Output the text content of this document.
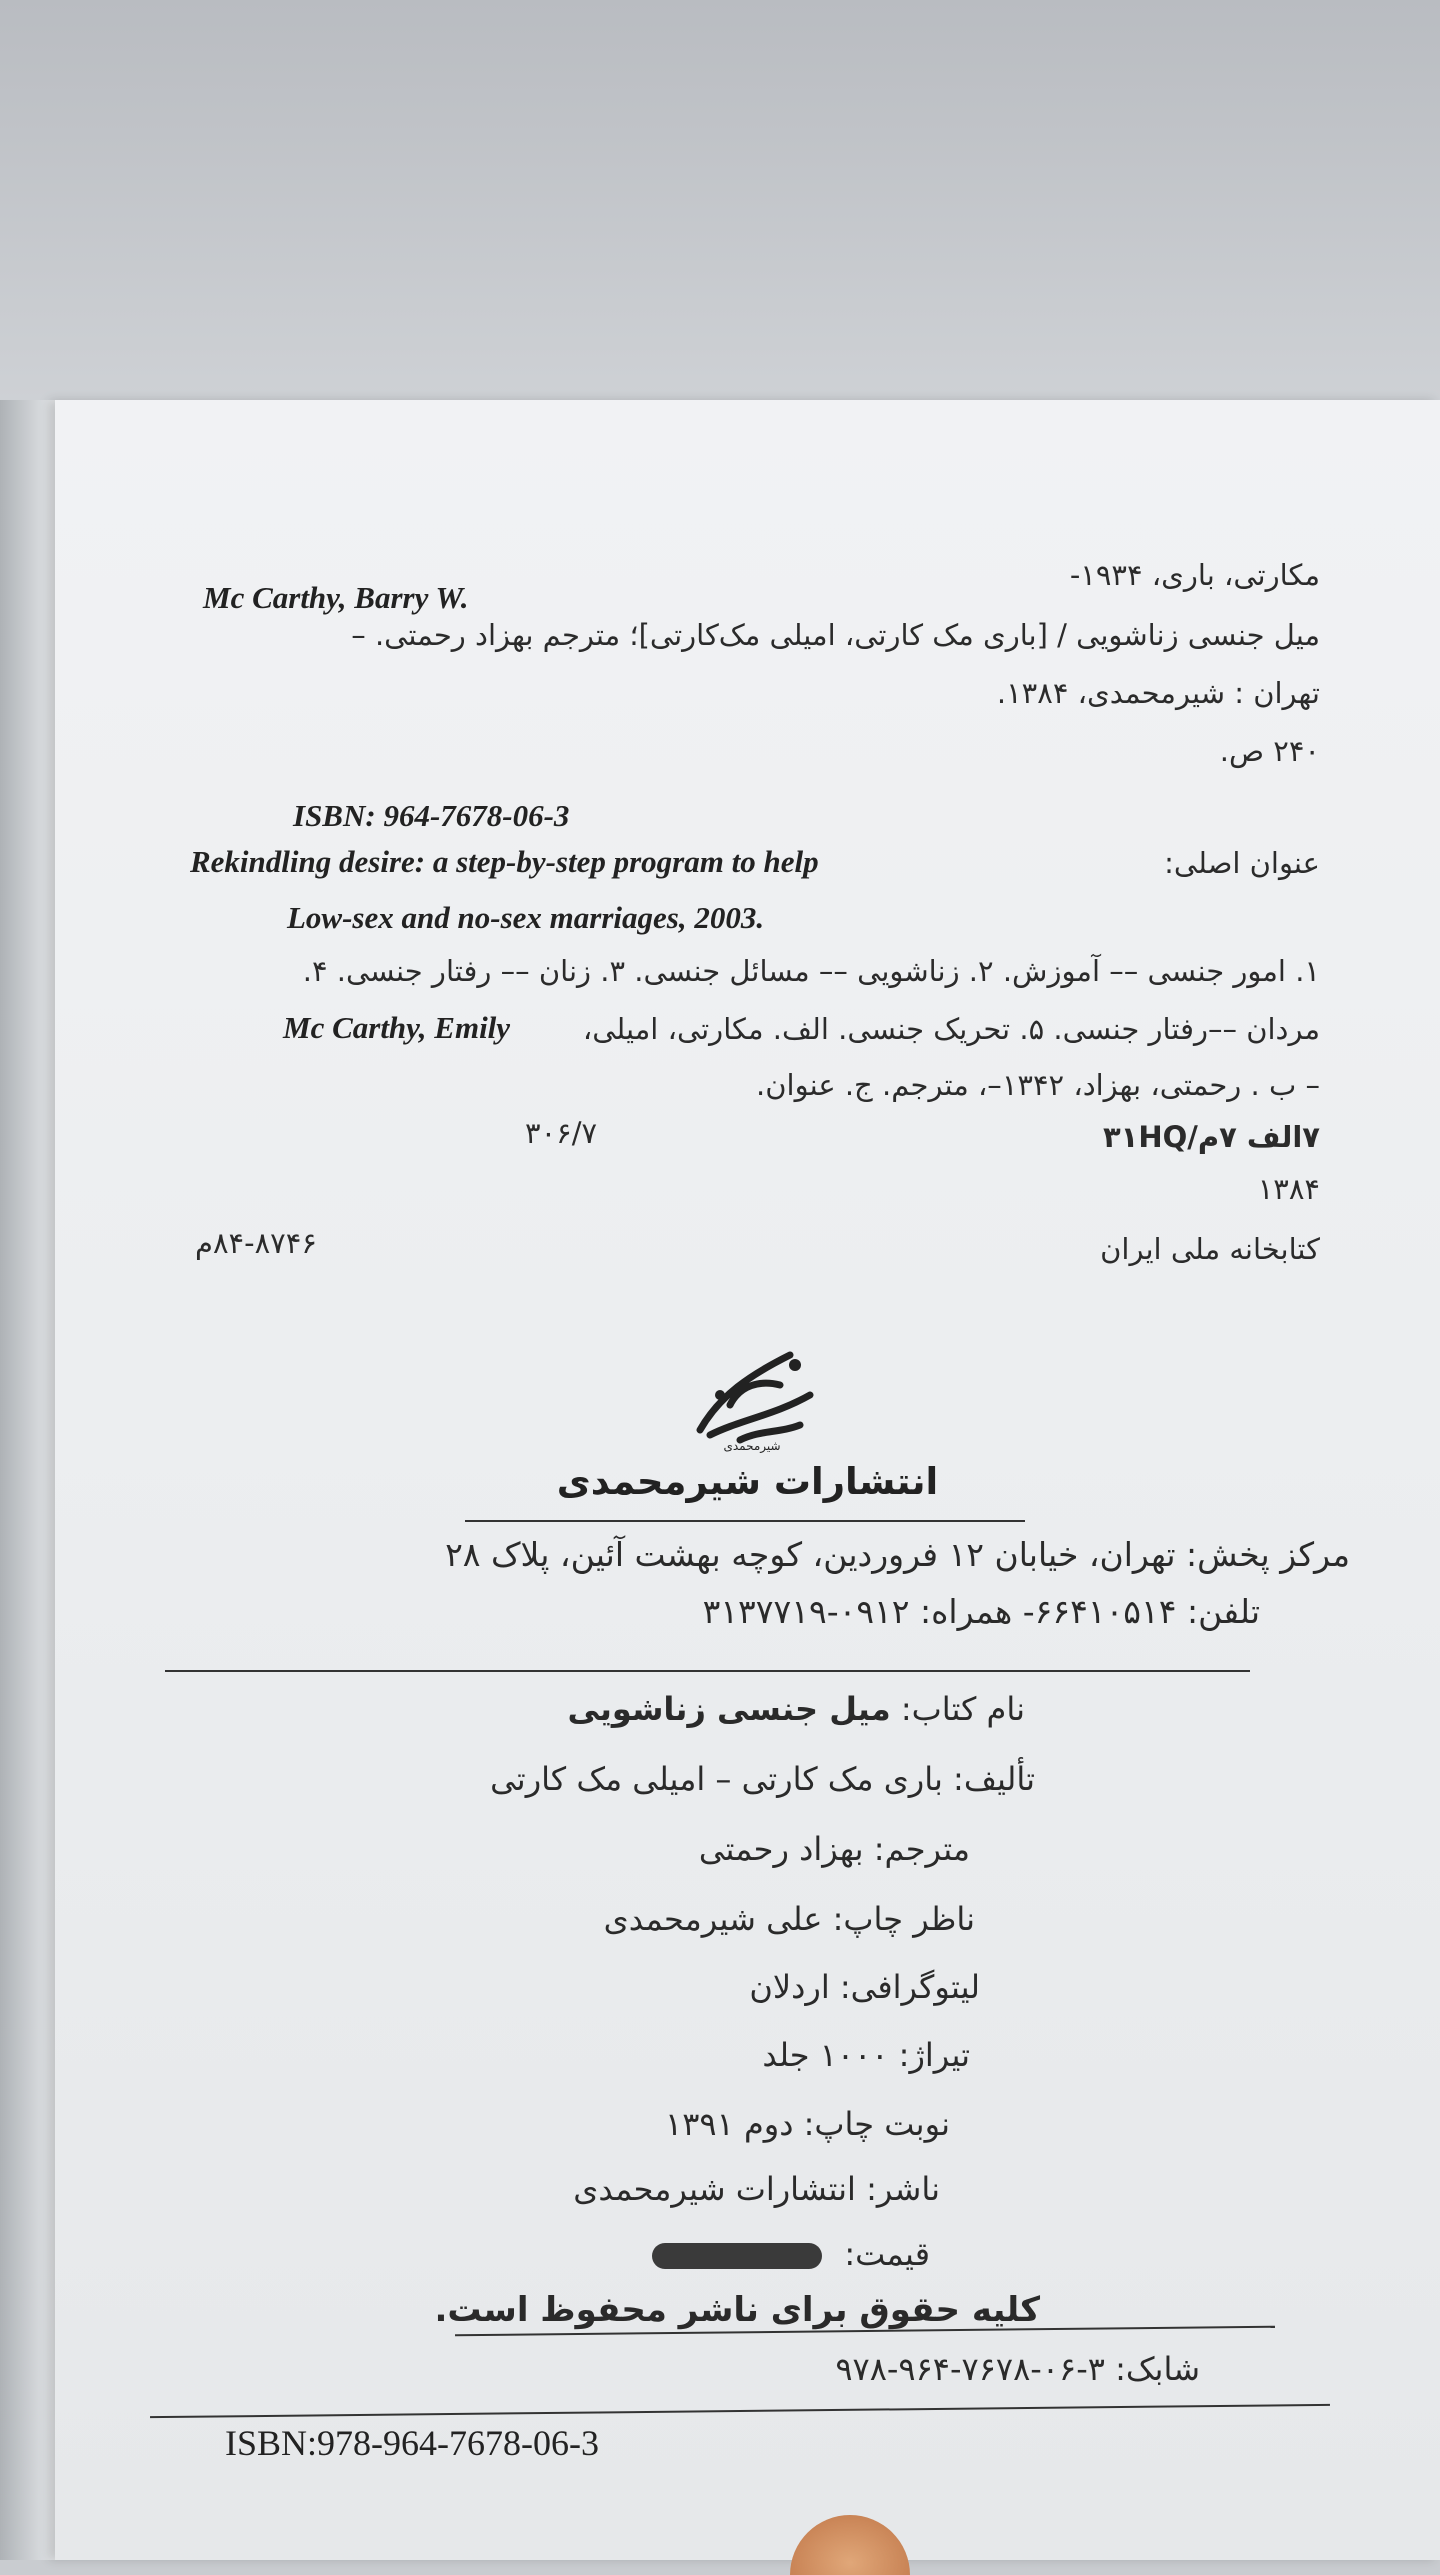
مکارتی، باری، ۱۹۳۴-
Mc Carthy, Barry W.
میل جنسی زناشویی / [باری مک کارتی، امیلی مک‌کارتی]؛ مترجم بهزاد رحمتی. –
تهران : شیرمحمدی، ۱۳۸۴.
۲۴۰ ص.
ISBN: 964-7678-06-3
عنوان اصلی:
Rekindling desire: a step-by-step program to help
Low-sex and no-sex marriages, 2003.
۱. امور جنسی –– آموزش. ۲. زناشویی –– مسائل جنسی. ۳. زنان –– رفتار جنسی. ۴.
مردان ––رفتار جنسی. ۵. تحریک جنسی. الف. مکارتی، امیلی،
Mc Carthy, Emily
– ب . رحمتی، بهزاد، ۱۳۴۲–، مترجم. ج. عنوان.
۷الف ۷م/۳۱HQ
۳۰۶/۷
۱۳۸۴
کتابخانه ملی ایران
۸۴-۸۷۴۶م
شیرمحمدی
انتشارات شیرمحمدی
مرکز پخش: تهران، خیابان ۱۲ فروردین، کوچه بهشت آئین، پلاک ۲۸
تلفن: ۶۶۴۱۰۵۱۴- همراه: ۰۹۱۲-۳۱۳۷۷۱۹
نام کتاب: میل جنسی زناشویی
تألیف: باری مک کارتی – امیلی مک کارتی
مترجم: بهزاد رحمتی
ناظر چاپ: علی شیرمحمدی
لیتوگرافی: اردلان
تیراژ: ۱۰۰۰ جلد
نوبت چاپ: دوم ۱۳۹۱
ناشر: انتشارات شیرمحمدی
قیمت:
کلیه حقوق برای ناشر محفوظ است.
شابک: ۳-۰۶-۷۶۷۸-۹۶۴-۹۷۸
ISBN:978-964-7678-06-3
